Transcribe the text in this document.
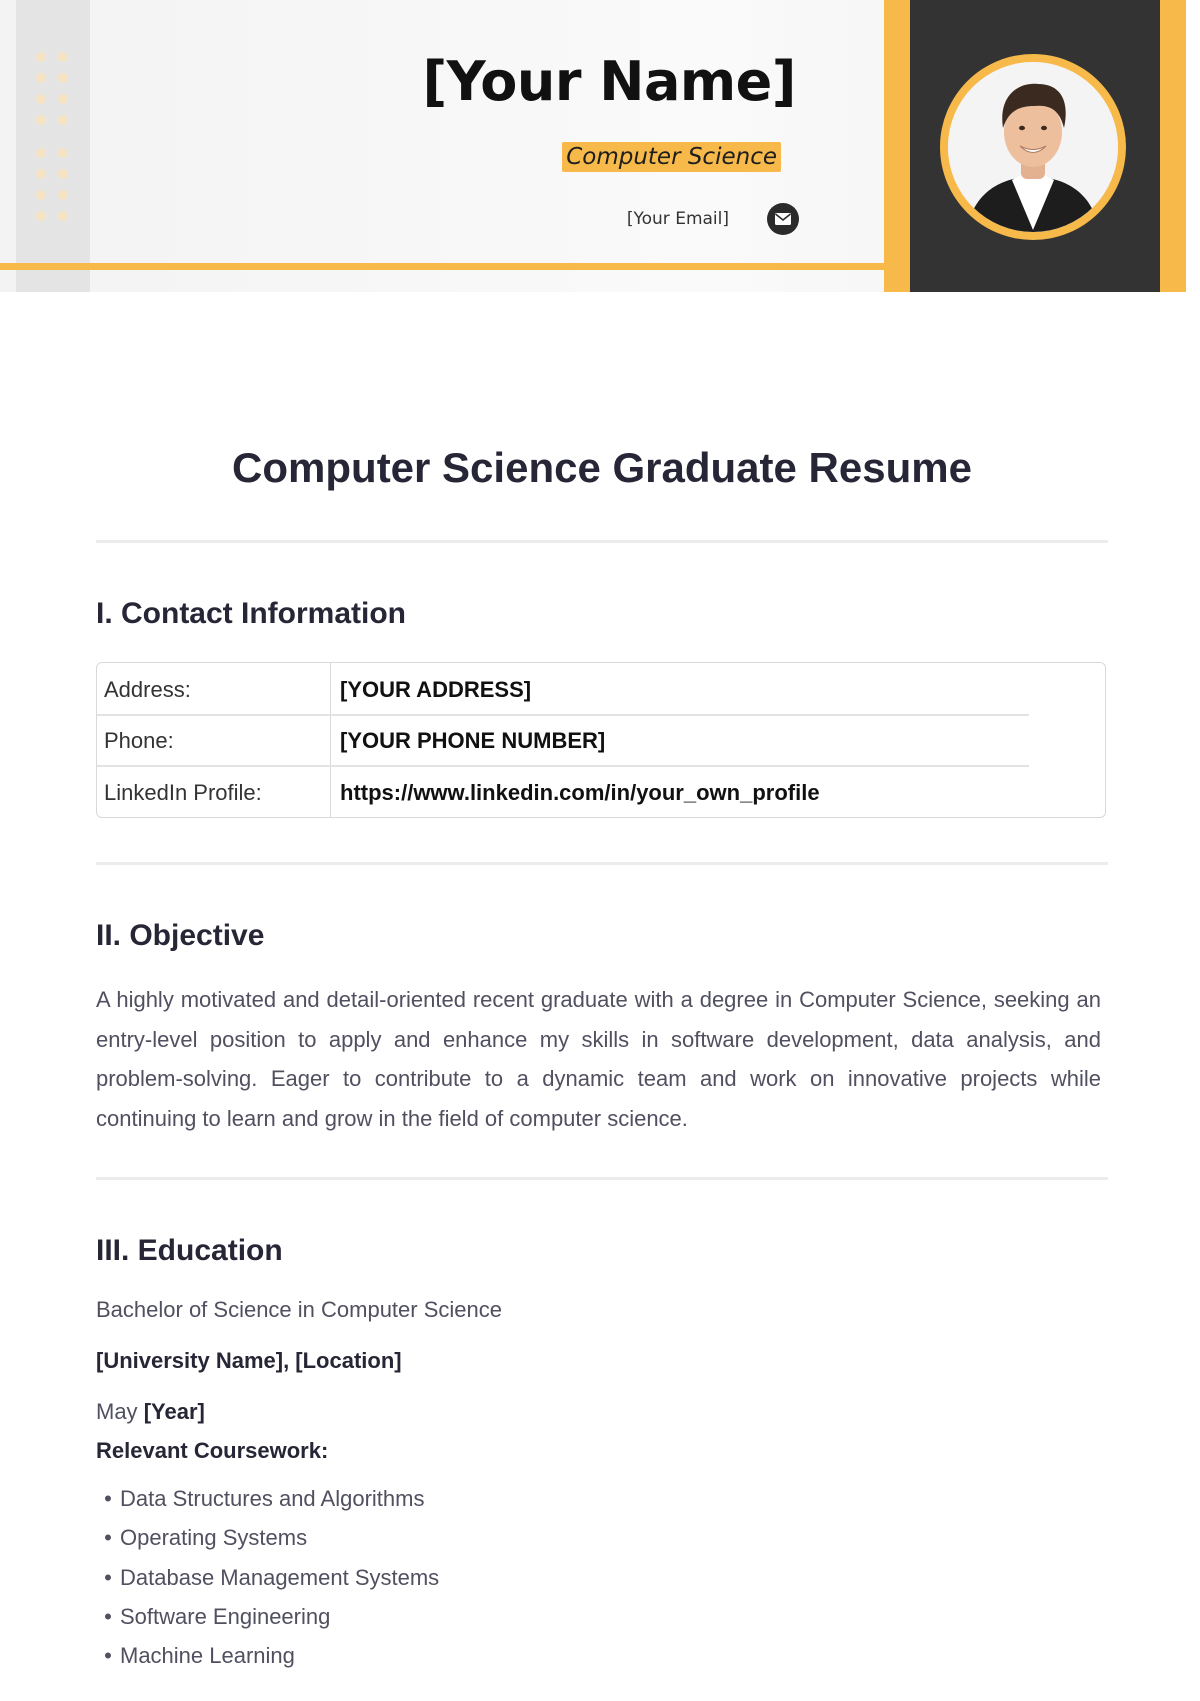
[Your Name]
Computer Science
[Your Email]
Computer Science Graduate Resume
I. Contact Information
Address:	[YOUR ADDRESS]
Phone:	[YOUR PHONE NUMBER]
LinkedIn Profile:	https://www.linkedin.com/in/your_own_profile
II. Objective

A highly motivated and detail-oriented recent graduate with a degree in Computer Science, seeking an entry-level position to apply and enhance my skills in software development, data analysis, and problem-solving. Eager to contribute to a dynamic team and work on innovative projects while continuing to learn and grow in the field of computer science.

III. Education

Bachelor of Science in Computer Science

[University Name], [Location]

May [Year]

Relevant Coursework:

• Data Structures and Algorithms
• Operating Systems
• Database Management Systems
• Software Engineering
• Machine Learning
